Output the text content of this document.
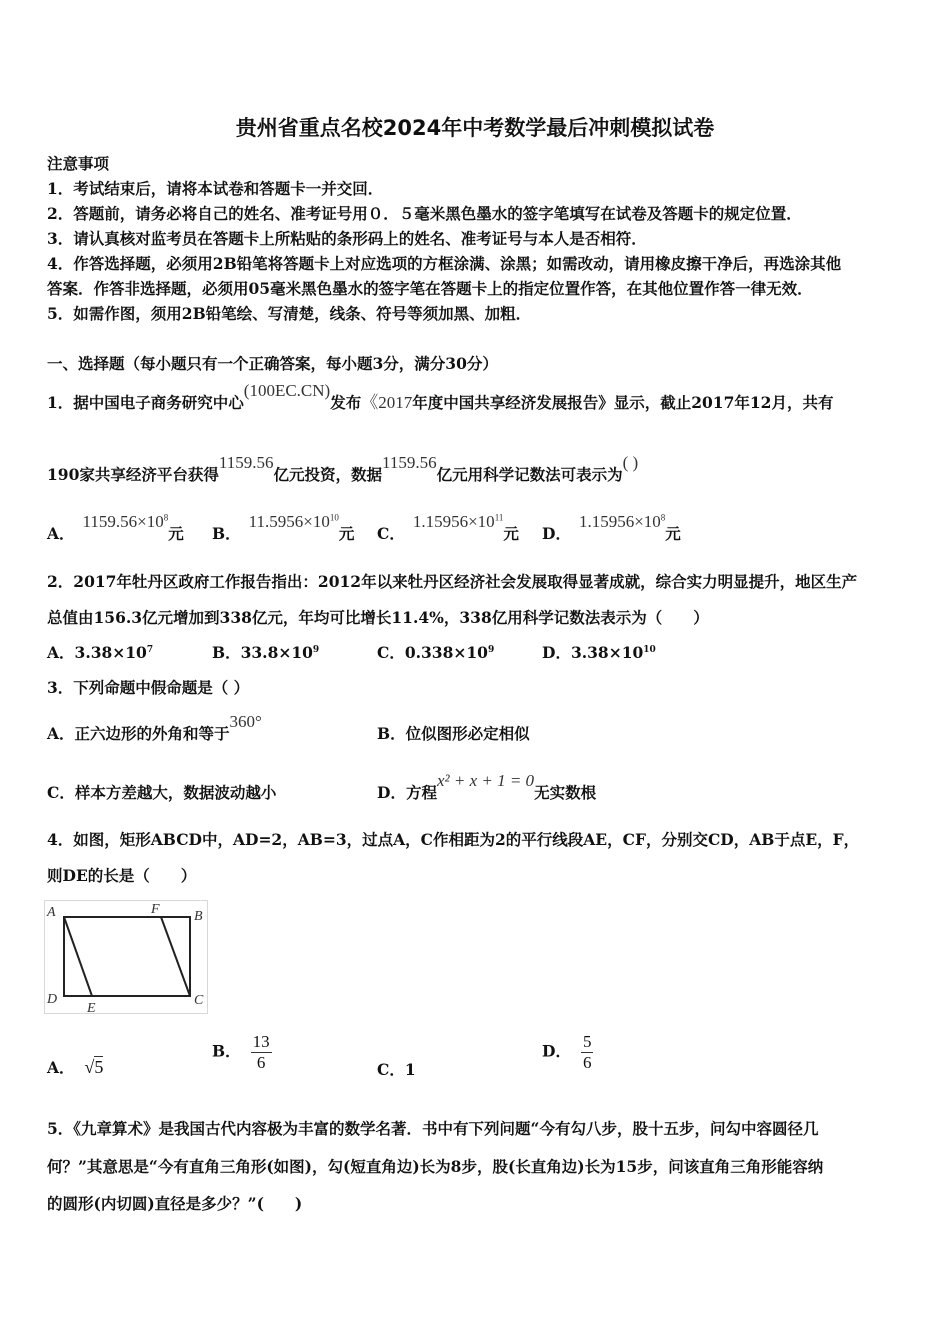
贵州省重点名校2024年中考数学最后冲刺模拟试卷
注意事项
1．考试结束后，请将本试卷和答题卡一并交回．
2．答题前，请务必将自己的姓名、准考证号用０．５毫米黑色墨水的签字笔填写在试卷及答题卡的规定位置．
3．请认真核对监考员在答题卡上所粘贴的条形码上的姓名、准考证号与本人是否相符．
4．作答选择题，必须用2B铅笔将答题卡上对应选项的方框涂满、涂黑；如需改动，请用橡皮擦干净后，再选涂其他
答案．作答非选择题，必须用05毫米黑色墨水的签字笔在答题卡上的指定位置作答，在其他位置作答一律无效．
5．如需作图，须用2B铅笔绘、写清楚，线条、符号等须加黑、加粗．
一、选择题（每小题只有一个正确答案，每小题3分，满分30分）
1．据中国电子商务研究中心(100EC.CN)发布《2017年度中国共享经济发展报告》显示，截止2017年12月，共有
190家共享经济平台获得1159.56亿元投资，数据1159.56亿元用科学记数法可表示为( )
A．$1159.56\times 10^8$元 B．$11.5956\times 10^{10}$元 C．$1.15956\times 10^{11}$元 D．$1.15956\times 10^8$元
2．2017年牡丹区政府工作报告指出：2012年以来牡丹区经济社会发展取得显著成就，综合实力明显提升，地区生产
总值由156.3亿元增加到338亿元，年均可比增长11.4%，338亿用科学记数法表示为（　　）
A．$3.38\times 10^7$	B．$33.8\times 10^9$	C．$0.338\times 10^9$	D．$3.38\times 10^{10}$
3．下列命题中假命题是（ ）
A．正六边形的外角和等于360°
B．位似图形必定相似
C．样本方差越大，数据波动越小	D．方程x² + x + 1 = 0无实数根
4．如图，矩形ABCD中，AD=2，AB=3，过点A，C作相距为2的平行线段AE，CF，分别交CD，AB于点E，F，
则DE的长是（　　）
A	F B
D
E
C
A． √5
B． $\frac{13}{6}$	C．1
D． $\frac{5}{6}$
5．《九章算术》是我国古代内容极为丰富的数学名著．书中有下列问题“今有勾八步，股十五步，问勾中容圆径几
何？”其意思是“今有直角三角形(如图)，勾(短直角边)长为8步，股(长直角边)长为15步，问该直角三角形能容纳
的圆形(内切圆)直径是多少？”(　　)
